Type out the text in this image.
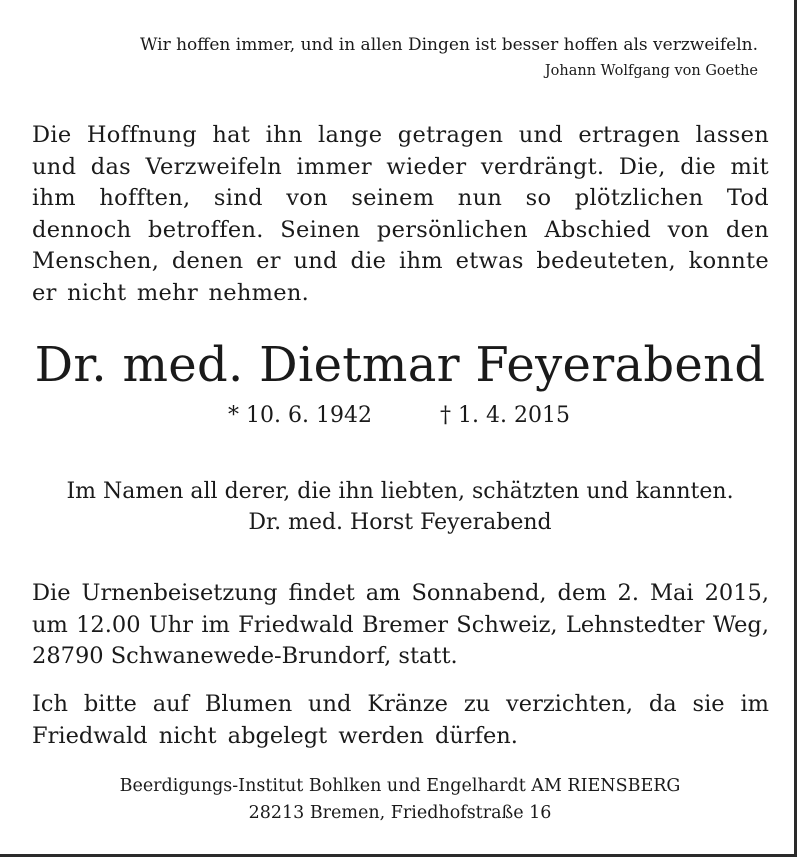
Wir hoffen immer, und in allen Dingen ist besser hoffen als verzweifeln.
Johann Wolfgang von Goethe
Die Hoffnung hat ihn lange getragen und ertragen lassen und das Verzweifeln immer wieder verdrängt. Die, die mit ihm hofften, sind von seinem nun so plötzlichen Tod dennoch betroffen. Seinen persönlichen Abschied von den Menschen, denen er und die ihm etwas bedeuteten, konnte er nicht mehr nehmen.
Dr. med. Dietmar Feyerabend
* 10. 6. 1942	† 1. 4. 2015
Im Namen all derer, die ihn liebten, schätzten und kannten.
Dr. med. Horst Feyerabend
Die Urnenbeisetzung findet am Sonnabend, dem 2. Mai 2015, um 12.00 Uhr im Friedwald Bremer Schweiz, Lehnstedter Weg, 28790 Schwanewede-Brundorf, statt.
Ich bitte auf Blumen und Kränze zu verzichten, da sie im Friedwald nicht abgelegt werden dürfen.
Beerdigungs-Institut Bohlken und Engelhardt AM RIENSBERG
28213 Bremen, Friedhofstraße 16
